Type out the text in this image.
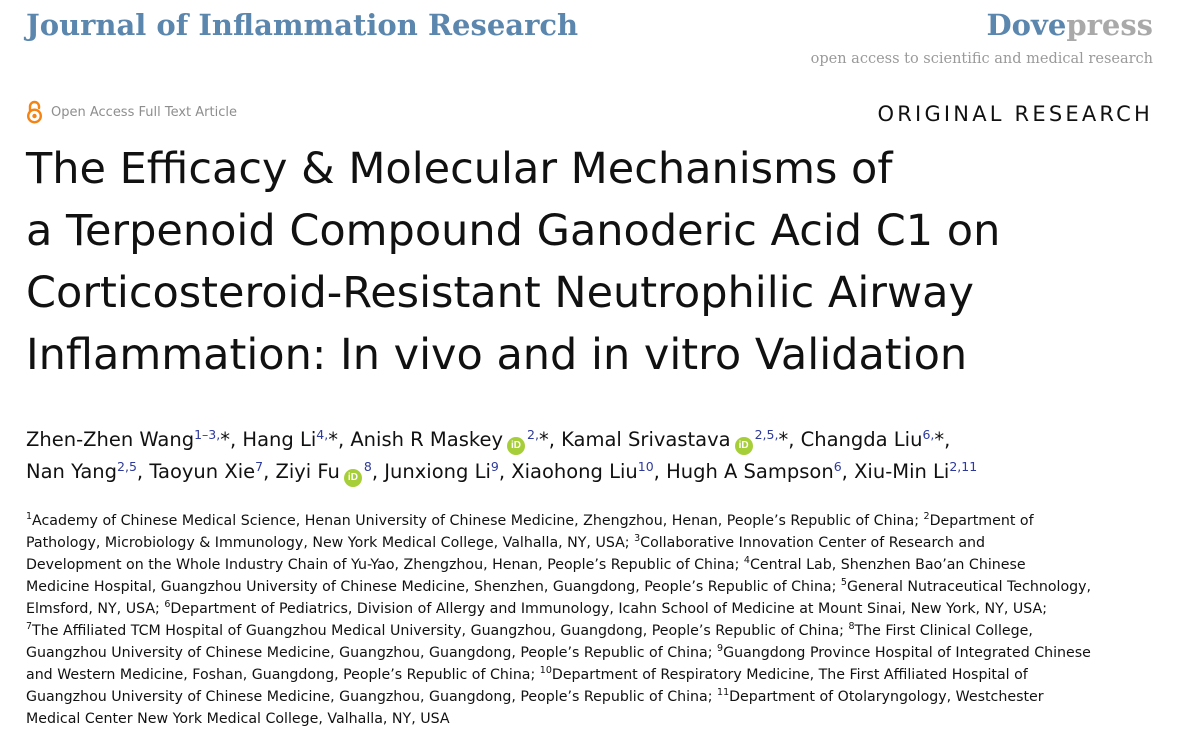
Journal of Inflammation Research	Dovepress
open access to scientific and medical research
Open Access Full Text Article	ORIGINAL RESEARCH
The Efficacy & Molecular Mechanisms of
a Terpenoid Compound Ganoderic Acid C1 on
Corticosteroid-Resistant Neutrophilic Airway
Inflammation: In vivo and in vitro Validation
Zhen-Zhen Wang$^{1-3,}$*, Hang $Li^{4,}*$, Anish R Maskey $iD^{2,}*$, Kamal Srivastava $iD^{2,5,}*$, Changda Liu$^{6,}$*,
Nan Yang$^{2,5}$, Taoyun Xie$^7$, Ziyi Fu $iD^8$, Junxiong Li$^9$, Xiaohong Liu$^{10}$, Hugh A Sampson$^6$, Xiu-Min Li$^{2,11}$
$^1$Academy of Chinese Medical Science, Henan University of Chinese Medicine, Zhengzhou, Henan, People’s Republic of China; $^2$Department of
Pathology, Microbiology & Immunology, New York Medical College, Valhalla, NY, USA; $^3$Collaborative Innovation Center of Research and
Development on the Whole Industry Chain of Yu-Yao, Zhengzhou, Henan, People’s Republic of China; $^4$Central Lab, Shenzhen Bao’an Chinese
Medicine Hospital, Guangzhou University of Chinese Medicine, Shenzhen, Guangdong, People’s Republic of China; $^5$General Nutraceutical Technology,
Elmsford, NY, USA; $^6$Department of Pediatrics, Division of Allergy and Immunology, Icahn School of Medicine at Mount Sinai, New York, NY, USA;
$^7$The Affiliated TCM Hospital of Guangzhou Medical University, Guangzhou, Guangdong, People’s Republic of China; $^8$The First Clinical College,
Guangzhou University of Chinese Medicine, Guangzhou, Guangdong, People’s Republic of China; $^9$Guangdong Province Hospital of Integrated Chinese
and Western Medicine, Foshan, Guangdong, People’s Republic of China; $^{10}$Department of Respiratory Medicine, The First Affiliated Hospital of
Guangzhou University of Chinese Medicine, Guangzhou, Guangdong, People’s Republic of China; $^{11}$Department of Otolaryngology, Westchester
Medical Center New York Medical College, Valhalla, NY, USA
